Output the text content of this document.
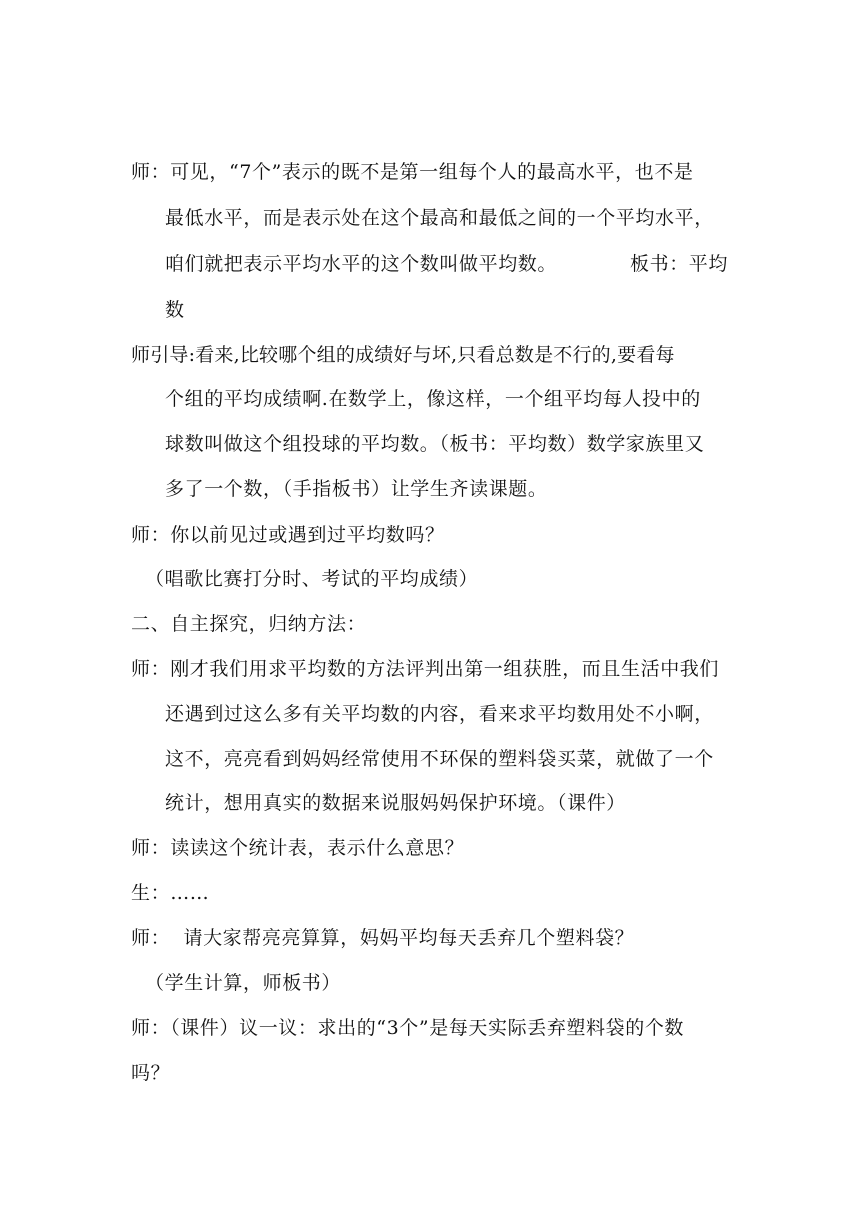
师：可见，“7个”表示的既不是第一组每个人的最高水平，也不是
最低水平，而是表示处在这个最高和最低之间的一个平均水平，
咱们就把表示平均水平的这个数叫做平均数。	板书：平均
数
师引导:看来,比较哪个组的成绩好与坏,只看总数是不行的,要看每
个组的平均成绩啊.在数学上，像这样，一个组平均每人投中的
球数叫做这个组投球的平均数。（板书：平均数）数学家族里又
多了一个数，（手指板书）让学生齐读课题。
师：你以前见过或遇到过平均数吗？
（唱歌比赛打分时、考试的平均成绩）
二、自主探究，归纳方法：
师：刚才我们用求平均数的方法评判出第一组获胜，而且生活中我们
还遇到过这么多有关平均数的内容，看来求平均数用处不小啊，
这不，亮亮看到妈妈经常使用不环保的塑料袋买菜，就做了一个
统计，想用真实的数据来说服妈妈保护环境。（课件）
师：读读这个统计表，表示什么意思？
生：……
师：  请大家帮亮亮算算，妈妈平均每天丢弃几个塑料袋？
（学生计算，师板书）
师：（课件）议一议：求出的“3个”是每天实际丢弃塑料袋的个数
吗？
